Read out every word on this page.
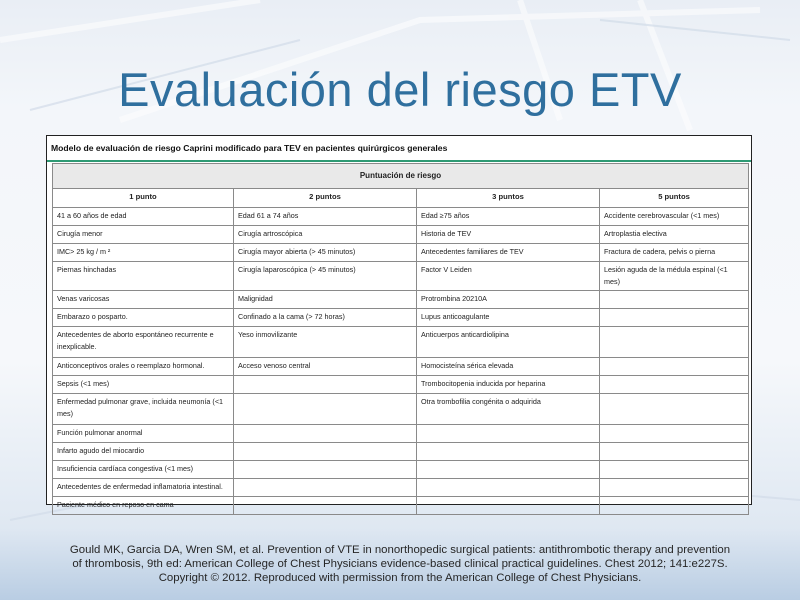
Evaluación del riesgo ETV
Modelo de evaluación de riesgo Caprini modificado para TEV en pacientes quirúrgicos generales
Puntuación de riesgo			
1 punto	2 puntos	3 puntos	5 puntos
41 a 60 años de edad	Edad 61 a 74 años	Edad ≥75 años	Accidente cerebrovascular (<1 mes)
Cirugía menor	Cirugía artroscópica	Historia de TEV	Artroplastia electiva
IMC> 25 kg / m ²	Cirugía mayor abierta (> 45 minutos)	Antecedentes familiares de TEV	Fractura de cadera, pelvis o pierna
Piernas hinchadas	Cirugía laparoscópica (> 45 minutos)	Factor V Leiden	Lesión aguda de la médula espinal (<1 mes)
Venas varicosas	Malignidad	Protrombina 20210A	
Embarazo o posparto.	Confinado a la cama (> 72 horas)	Lupus anticoagulante	
Antecedentes de aborto espontáneo recurrente e inexplicable.	Yeso inmovilizante	Anticuerpos anticardiolipina	
Anticonceptivos orales o reemplazo hormonal.	Acceso venoso central	Homocisteína sérica elevada	
Sepsis (<1 mes)		Trombocitopenia inducida por heparina	
Enfermedad pulmonar grave, incluida neumonía (<1 mes)		Otra trombofilia congénita o adquirida	
Función pulmonar anormal			
Infarto agudo del miocardio			
Insuficiencia cardíaca congestiva (<1 mes)			
Antecedentes de enfermedad inflamatoria intestinal.			
Paciente médico en reposo en cama			
Gould MK, Garcia DA, Wren SM, et al. Prevention of VTE in nonorthopedic surgical patients: antithrombotic therapy and prevention
of thrombosis, 9th ed: American College of Chest Physicians evidence-based clinical practical guidelines. Chest 2012; 141:e227S.
Copyright © 2012. Reproduced with permission from the American College of Chest Physicians.
